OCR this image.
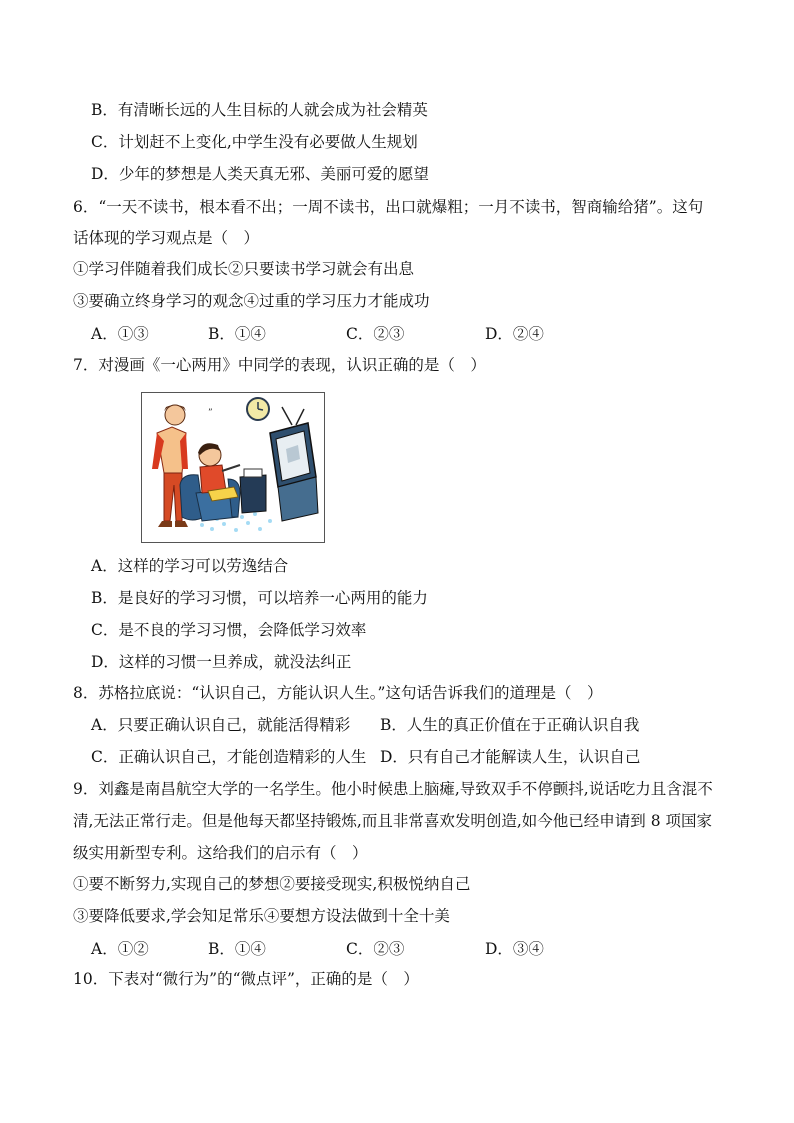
B．有清晰长远的人生目标的人就会成为社会精英
C．计划赶不上变化,中学生没有必要做人生规划
D．少年的梦想是人类天真无邪、美丽可爱的愿望
6．“一天不读书，根本看不出；一周不读书，出口就爆粗；一月不读书，智商输给猪”。这句
话体现的学习观点是（　）
①学习伴随着我们成长②只要读书学习就会有出息
③要确立终身学习的观念④过重的学习压力才能成功
A．①③	B．①④	C．②③	D．②④
7．对漫画《一心两用》中同学的表现，认识正确的是（　）
”
A．这样的学习可以劳逸结合
B．是良好的学习习惯，可以培养一心两用的能力
C．是不良的学习习惯，会降低学习效率
D．这样的习惯一旦养成，就没法纠正
8．苏格拉底说：“认识自己，方能认识人生。”这句话告诉我们的道理是（　）
A．只要正确认识自己，就能活得精彩 B．人生的真正价值在于正确认识自我
C．正确认识自己，才能创造精彩的人生 D．只有自己才能解读人生，认识自己
9．刘鑫是南昌航空大学的一名学生。他小时候患上脑瘫,导致双手不停颤抖,说话吃力且含混不
清,无法正常行走。但是他每天都坚持锻炼,而且非常喜欢发明创造,如今他已经申请到 8 项国家
级实用新型专利。这给我们的启示有（　）
①要不断努力,实现自己的梦想②要接受现实,积极悦纳自己
③要降低要求,学会知足常乐④要想方设法做到十全十美
A．①②	B．①④	C．②③	D．③④
10．下表对“微行为”的“微点评”，正确的是（　）
